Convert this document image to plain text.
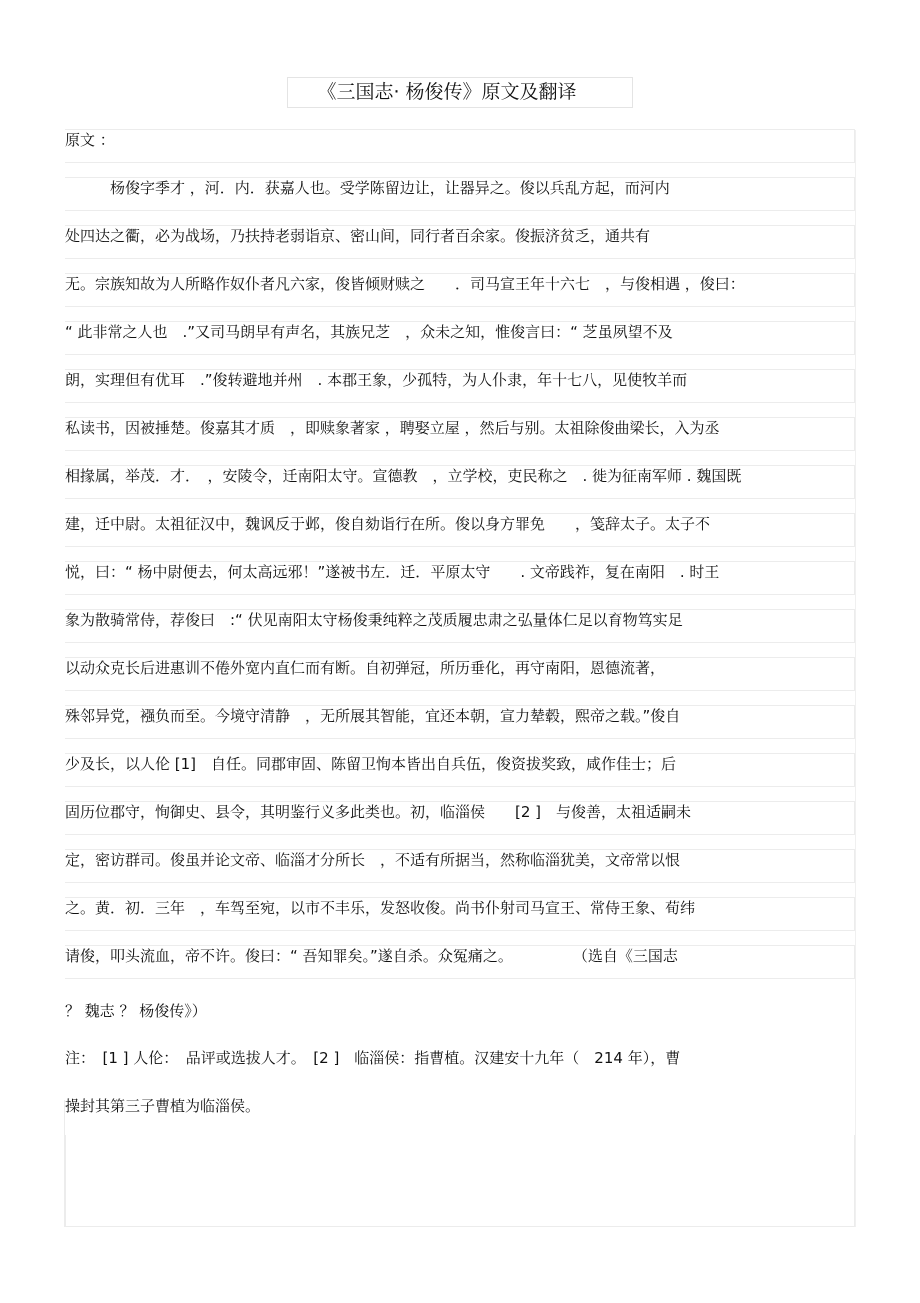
《三国志· 杨俊传》原文及翻译
原文 ：
　　　杨俊字季才 ，河．内．获嘉人也。受学陈留边让，让器异之。俊以兵乱方起，而河内
处四达之衢，必为战场，乃扶持老弱诣京、密山间，同行者百余家。俊振济贫乏，通共有
无。宗族知故为人所略作奴仆者凡六家，俊皆倾财赎之　　．司马宣王年十六七　，与俊相遇 ，俊曰：
“ 此非常之人也　.”又司马朗早有声名，其族兄芝　，众未之知，惟俊言曰：“ 芝虽夙望不及
朗，实理但有优耳　.”俊转避地并州　. 本郡王象，少孤特，为人仆隶，年十七八，见使牧羊而
私读书，因被捶楚。俊嘉其才质　，即赎象著家 ，聘娶立屋 ，然后与别。太祖除俊曲梁长，入为丞
相掾属，举茂．才．　，安陵令，迁南阳太守。宣德教　，立学校，吏民称之　. 徙为征南军师 . 魏国既
建，迁中尉。太祖征汉中，魏讽反于邺，俊自劾诣行在所。俊以身方罪免　　，笺辞太子。太子不
悦，曰：“ 杨中尉便去，何太高远邪！”遂被书左．迁．平原太守　　. 文帝践祚，复在南阳　. 时王
象为散骑常侍，荐俊曰　:“ 伏见南阳太守杨俊秉纯粹之茂质履忠肃之弘量体仁足以育物笃实足
以动众克长后进惠训不倦外宽内直仁而有断。自初弹冠，所历垂化，再守南阳，恩德流著，
殊邻异党，襁负而至。今境守清静　，无所展其智能，宜还本朝，宣力辇毂，熙帝之载。”俊自
少及长，以人伦 [1]　自任。同郡审固、陈留卫恂本皆出自兵伍，俊资拔奖致，咸作佳士；后
固历位郡守，恂御史、县令，其明鉴行义多此类也。初，临淄侯　　[2 ]　与俊善，太祖适嗣未
定，密访群司。俊虽并论文帝、临淄才分所长　，不适有所据当，然称临淄犹美，文帝常以恨
之。黄．初．三年　，车驾至宛，以市不丰乐，发怒收俊。尚书仆射司马宣王、常侍王象、荀纬
请俊，叩头流血，帝不许。俊曰：“ 吾知罪矣。”遂自杀。众冤痛之。　　　　　（选自《三国志
？ 魏志 ？ 杨俊传》）
注：　[1 ] 人伦：　品评或选拔人才。　[2 ]　临淄侯：指曹植。汉建安十九年（　214 年），曹
操封其第三子曹植为临淄侯。
